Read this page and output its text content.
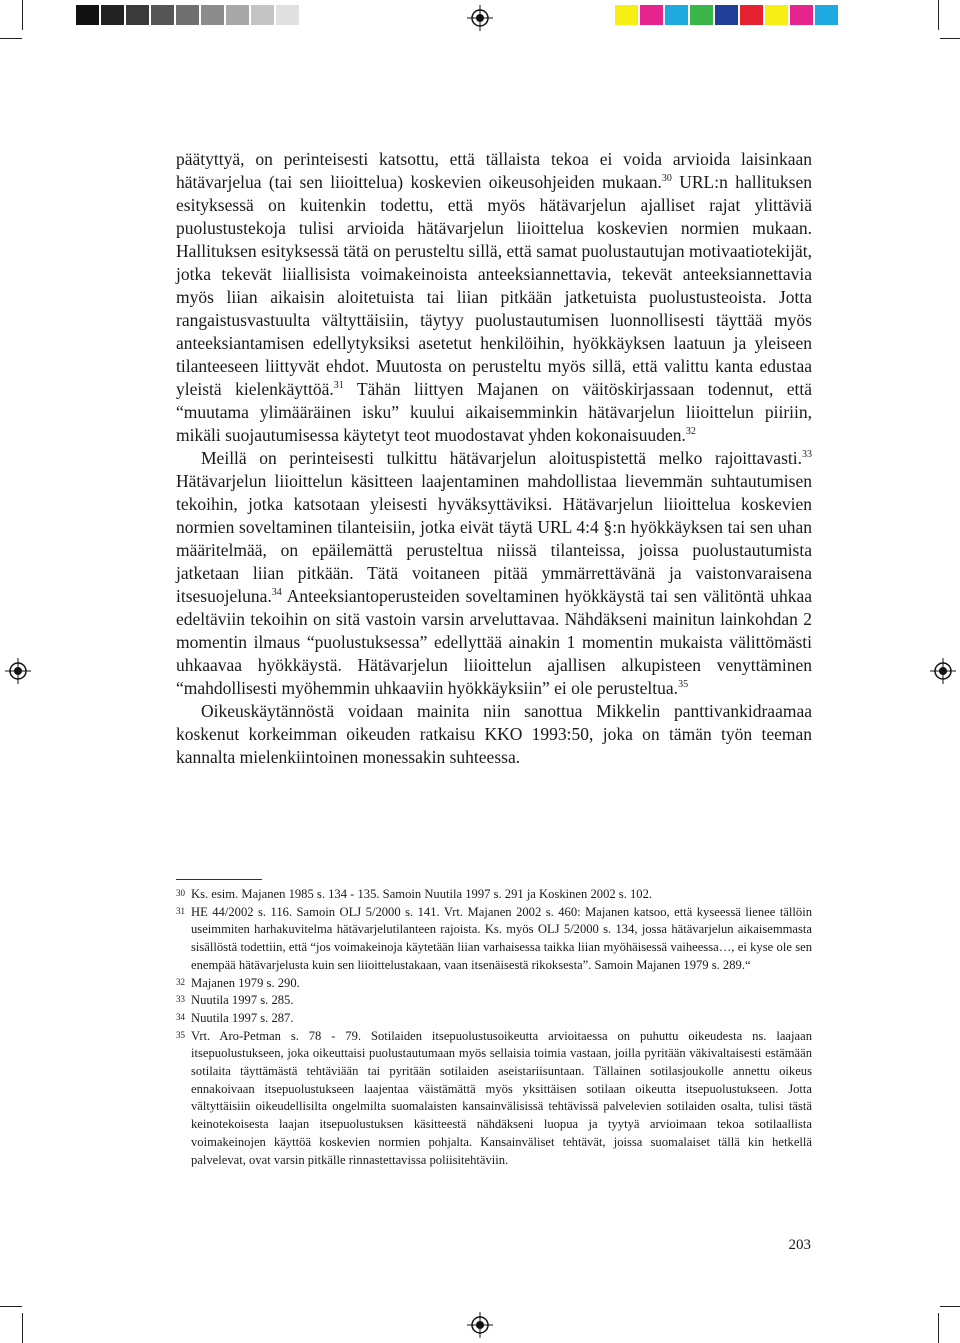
päätyttyä, on perinteisesti katsottu, että tällaista tekoa ei voida arvioida laisinkaan hätävarjelua (tai sen liioittelua) koskevien oikeusohjeiden mukaan.$^{30}$ URL:n hallituksen esityksessä on kuitenkin todettu, että myös hätävarjelun ajalliset rajat ylittäviä puolustustekoja tulisi arvioida hätävarjelun liioittelua koskevien normien mukaan. Hallituksen esityksessä tätä on perusteltu sillä, että samat puolustautujan motivaatiotekijät, jotka tekevät liiallisista voimakeinoista anteeksiannettavia, tekevät anteeksiannettavia myös liian aikaisin aloitetuista tai liian pitkään jatketuista puolustusteoista. Jotta rangaistusvastuulta vältyttäisiin, täytyy puolustautumisen luonnollisesti täyttää myös anteeksiantamisen edellytyksiksi asetetut henkilöihin, hyökkäyksen laatuun ja yleiseen tilanteeseen liittyvät ehdot. Muutosta on perusteltu myös sillä, että valittu kanta edustaa yleistä kielenkäyttöä.$^{31}$ Tähän liittyen Majanen on väitöskirjassaan todennut, että “muutama ylimääräinen isku” kuului aikaisemminkin hätävarjelun liioittelun piiriin, mikäli suojautumisessa käytetyt teot muodostavat yhden kokonaisuuden.$^{32}$

Meillä on perinteisesti tulkittu hätävarjelun aloituspistettä melko rajoittavasti.$^{33}$ Hätävarjelun liioittelun käsitteen laajentaminen mahdollistaa lievemmän suhtautumisen tekoihin, jotka katsotaan yleisesti hyväksyttäviksi. Hätävarjelun liioittelua koskevien normien soveltaminen tilanteisiin, jotka eivät täytä URL 4:4 §:n hyökkäyksen tai sen uhan määritelmää, on epäilemättä perusteltua niissä tilanteissa, joissa puolustautumista jatketaan liian pitkään. Tätä voitaneen pitää ymmärrettävänä ja vaistonvaraisena itsesuojeluna.$^{34}$ Anteeksiantoperusteiden soveltaminen hyökkäystä tai sen välitöntä uhkaa edeltäviin tekoihin on sitä vastoin varsin arveluttavaa. Nähdäkseni mainitun lainkohdan 2 momentin ilmaus “puolustuksessa” edellyttää ainakin 1 momentin mukaista välittömästi uhkaavaa hyökkäystä. Hätävarjelun liioittelun ajallisen alkupisteen venyttäminen “mahdollisesti myöhemmin uhkaaviin hyökkäyksiin” ei ole perusteltua.$^{35}$

Oikeuskäytännöstä voidaan mainita niin sanottua Mikkelin panttivankidraamaa koskenut korkeimman oikeuden ratkaisu KKO 1993:50, joka on tämän työn teeman kannalta mielenkiintoinen monessakin suhteessa.

30 Ks. esim. Majanen 1985 s. 134 - 135. Samoin Nuutila 1997 s. 291 ja Koskinen 2002 s. 102.
31 HE 44/2002 s. 116. Samoin OLJ 5/2000 s. 141. Vrt. Majanen 2002 s. 460: Majanen katsoo, että kyseessä lienee tällöin useimmiten harhakuvitelma hätävarjelutilanteen rajoista. Ks. myös OLJ 5/2000 s. 134, jossa hätävarjelun aikaisemmasta sisällöstä todettiin, että “jos voimakeinoja käytetään liian varhaisessa taikka liian myöhäisessä vaiheessa…, ei kyse ole sen enempää hätävarjelusta kuin sen liioittelustakaan, vaan itsenäisestä rikoksesta”. Samoin Majanen 1979 s. 289.“
32 Majanen 1979 s. 290.
33 Nuutila 1997 s. 285.
34 Nuutila 1997 s. 287.
35 Vrt. Aro-Petman s. 78 - 79. Sotilaiden itsepuolustusoikeutta arvioitaessa on puhuttu oikeudesta ns. laajaan itsepuolustukseen, joka oikeuttaisi puolustautumaan myös sellaisia toimia vastaan, joilla pyritään väkivaltaisesti estämään sotilaita täyttämästä tehtäviään tai pyritään sotilaiden aseistariisuntaan. Tällainen sotilasjoukolle annettu oikeus ennakoivaan itsepuolustukseen laajentaa väistämättä myös yksittäisen sotilaan oikeutta itsepuolustukseen. Jotta vältyttäisiin oikeudellisilta ongelmilta suomalaisten kansainvälisissä tehtävissä palvelevien sotilaiden osalta, tulisi tästä keinotekoisesta laajan itsepuolustuksen käsitteestä nähdäkseni luopua ja tyytyä arvioimaan tekoa sotilaallista voimakeinojen käyttöä koskevien normien pohjalta. Kansainväliset tehtävät, joissa suomalaiset tällä kin hetkellä palvelevat, ovat varsin pitkälle rinnastettavissa poliisitehtäviin.
203
